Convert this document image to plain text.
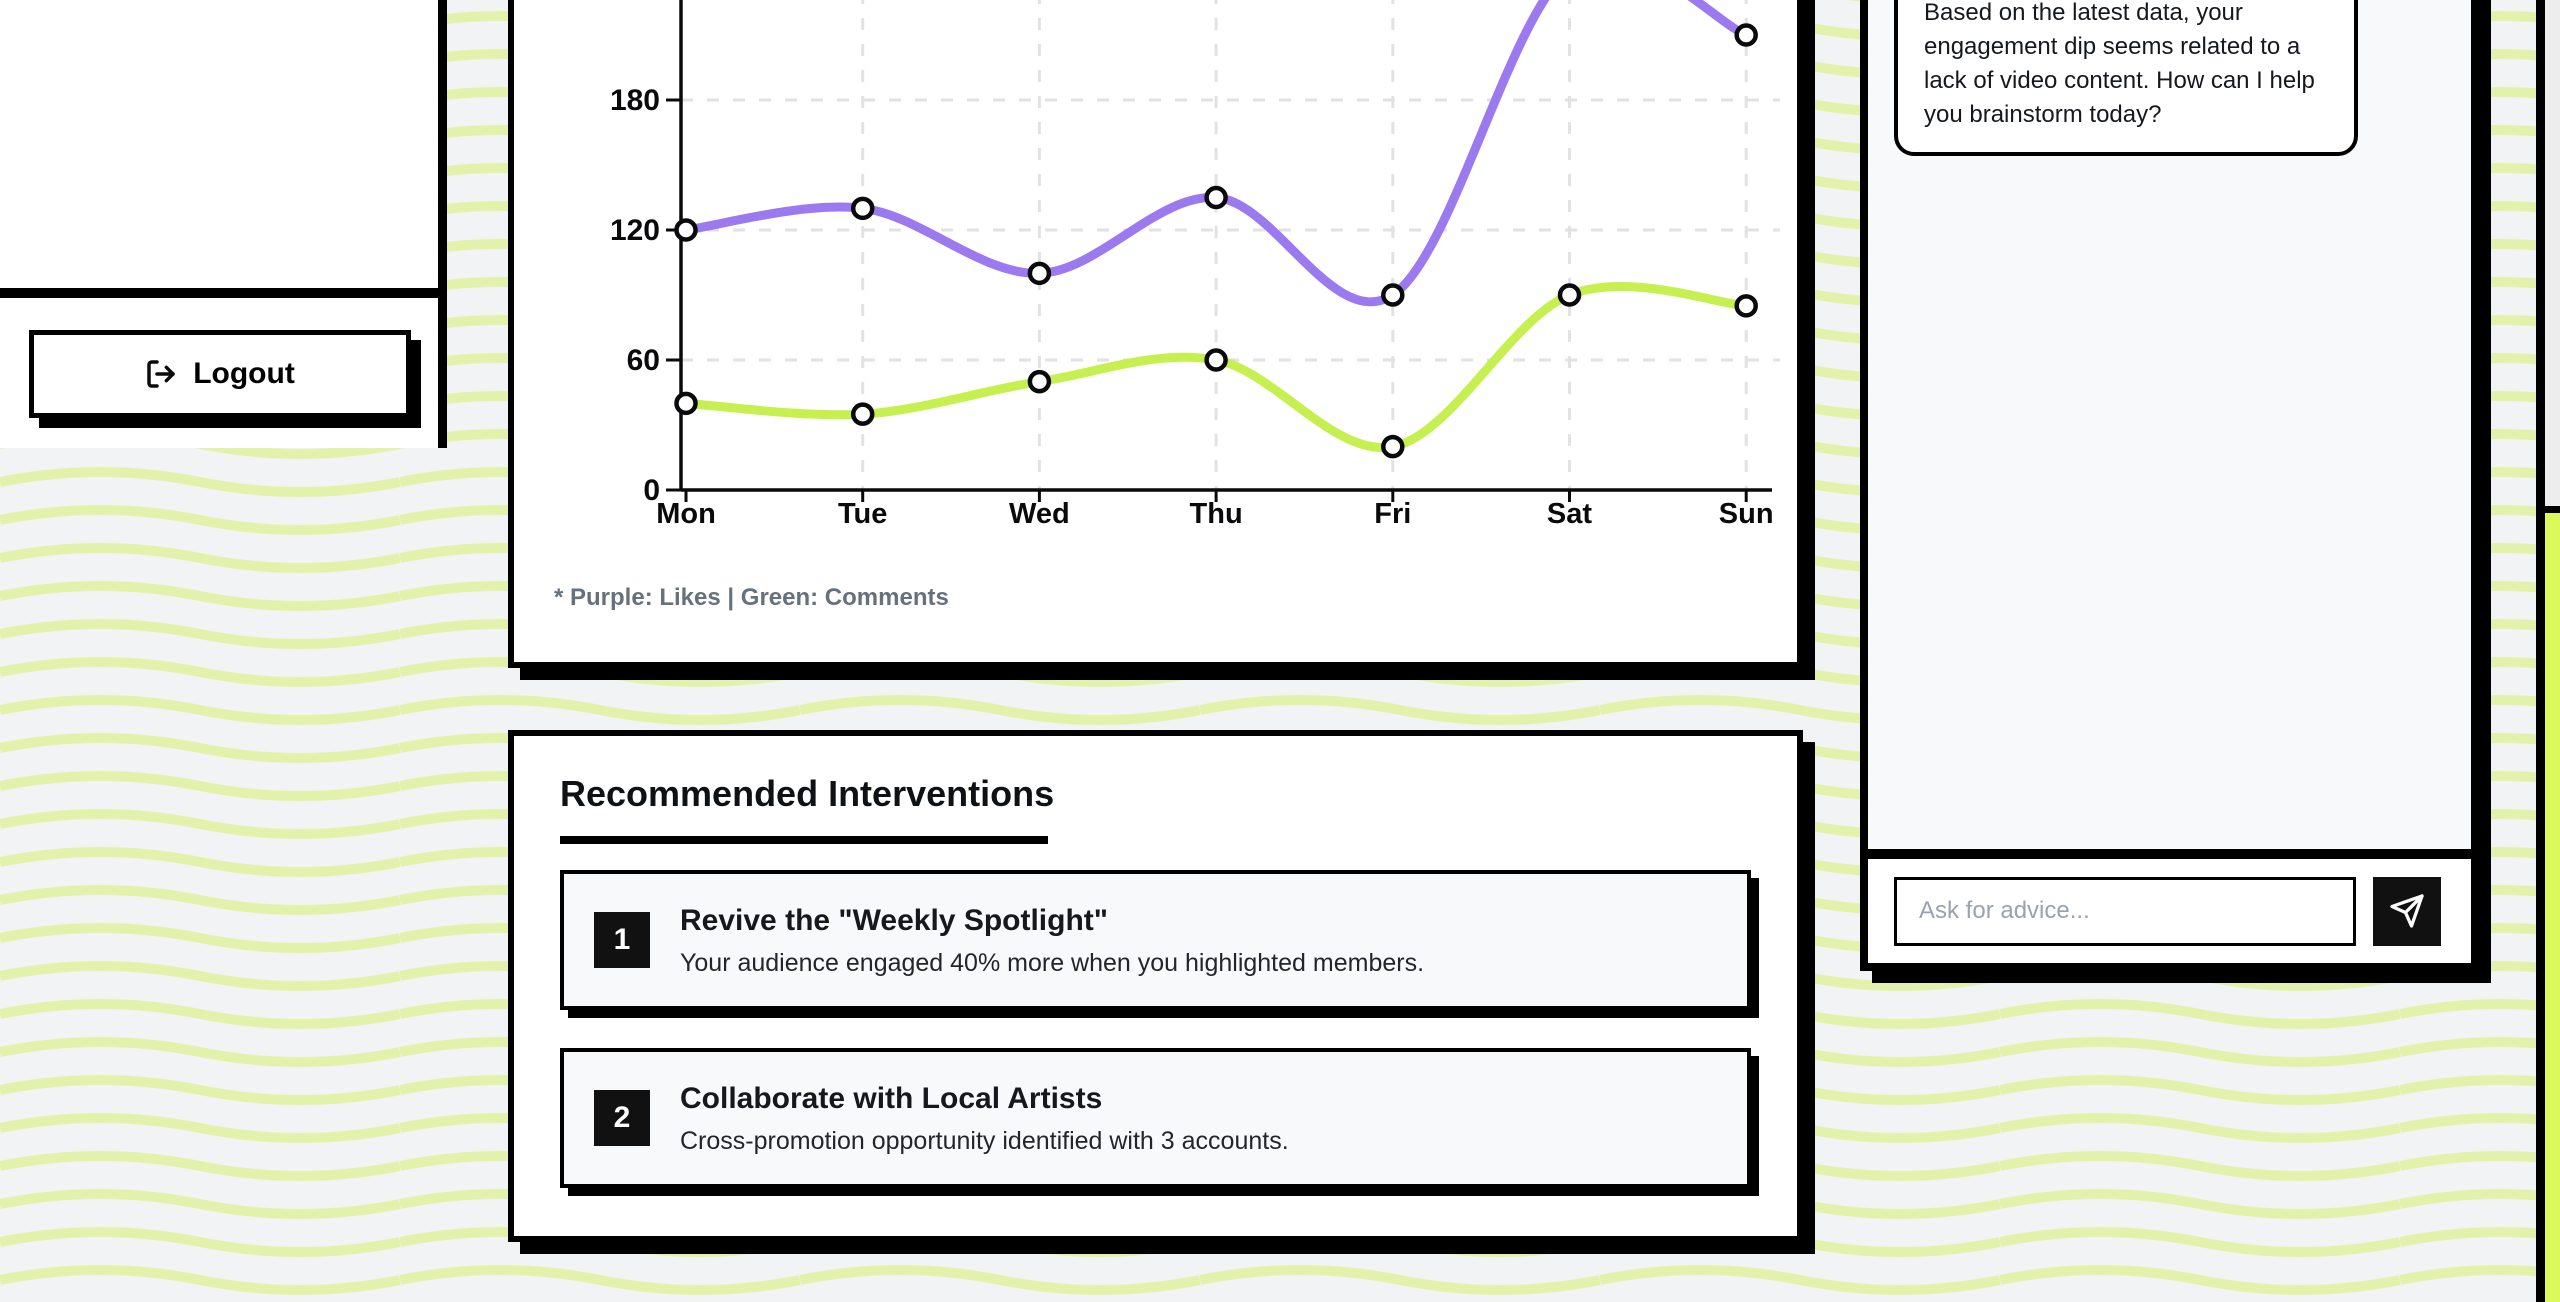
Logout
0
60
120
180
Mon	Tue	Wed	Thu	Fri	Sat	Sun
* Purple: Likes | Green: Comments
Recommended Interventions
1
Revive the "Weekly Spotlight"
Your audience engaged 40% more when you highlighted members.
2
Collaborate with Local Artists
Cross-promotion opportunity identified with 3 accounts.
Based on the latest data, your engagement dip seems related to a lack of video content. How can I help you brainstorm today?
Ask for advice...
